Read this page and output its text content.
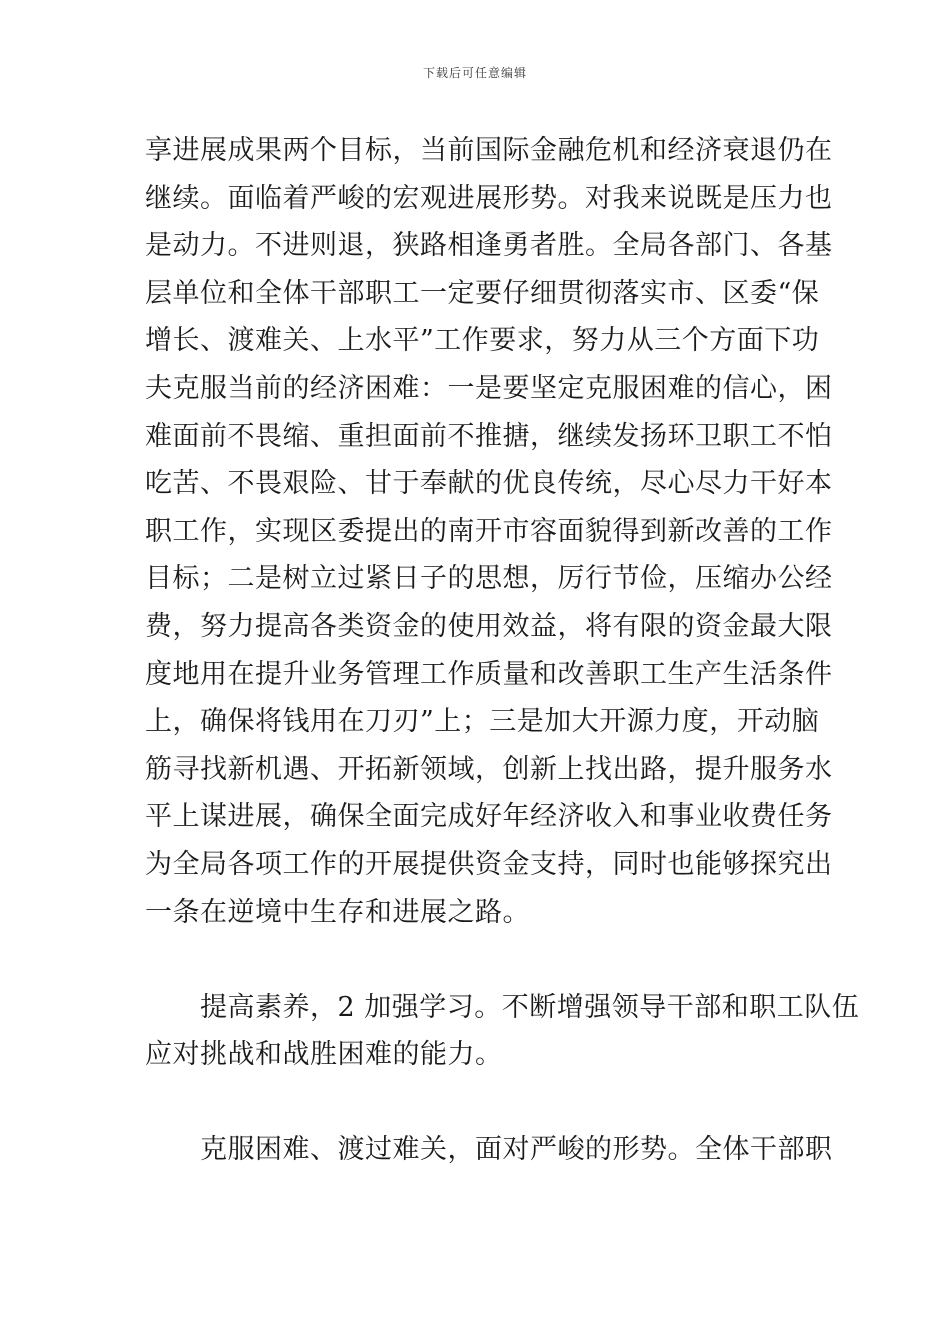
下载后可任意编辑
享进展成果两个目标，当前国际金融危机和经济衰退仍在
继续。面临着严峻的宏观进展形势。对我来说既是压力也
是动力。不进则退，狭路相逢勇者胜。全局各部门、各基
层单位和全体干部职工一定要仔细贯彻落实市、区委“保
增长、渡难关、上水平”工作要求，努力从三个方面下功
夫克服当前的经济困难：一是要坚定克服困难的信心，困
难面前不畏缩、重担面前不推搪，继续发扬环卫职工不怕
吃苦、不畏艰险、甘于奉献的优良传统，尽心尽力干好本
职工作，实现区委提出的南开市容面貌得到新改善的工作
目标；二是树立过紧日子的思想，厉行节俭，压缩办公经
费，努力提高各类资金的使用效益，将有限的资金最大限
度地用在提升业务管理工作质量和改善职工生产生活条件
上，确保将钱用在刀刃”上；三是加大开源力度，开动脑
筋寻找新机遇、开拓新领域，创新上找出路，提升服务水
平上谋进展，确保全面完成好年经济收入和事业收费任务
为全局各项工作的开展提供资金支持，同时也能够探究出
一条在逆境中生存和进展之路。
　　提高素养，2 加强学习。不断增强领导干部和职工队伍
应对挑战和战胜困难的能力。
　　克服困难、渡过难关，面对严峻的形势。全体干部职
